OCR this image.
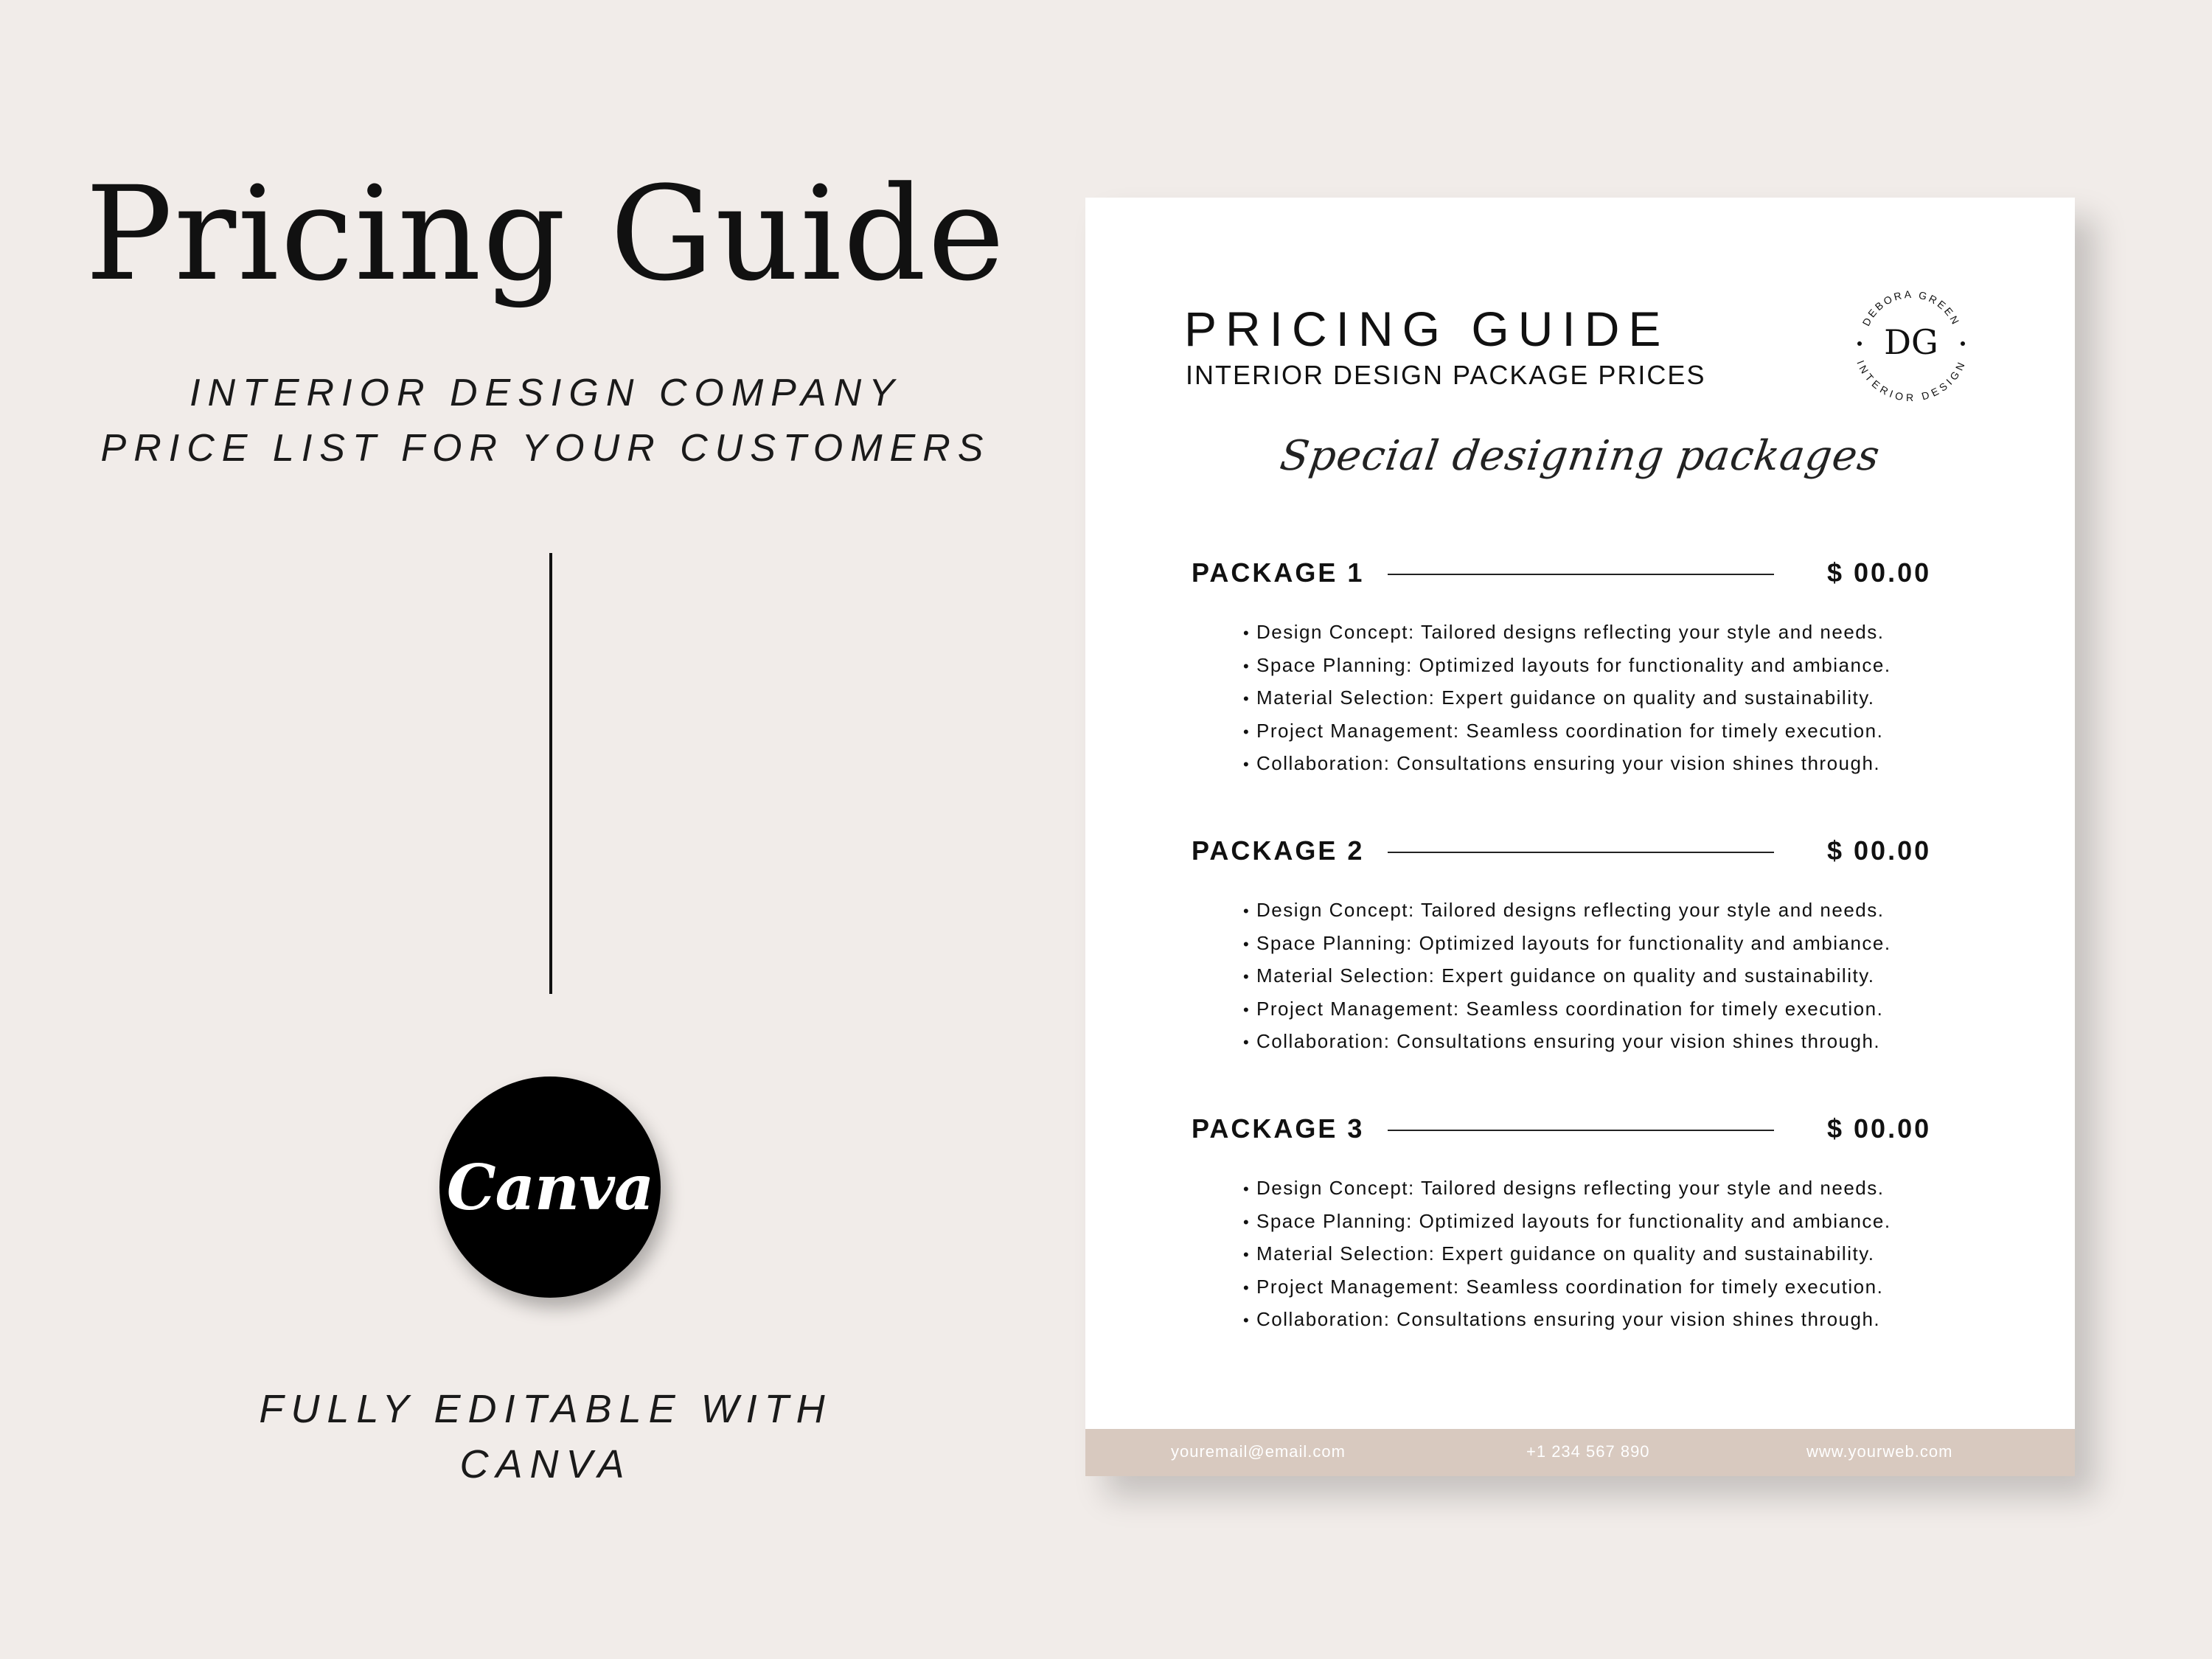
Pricing Guide
INTERIOR DESIGN COMPANY
PRICE LIST FOR YOUR CUSTOMERS
Canva
FULLY EDITABLE WITH
CANVA
PRICING GUIDE
INTERIOR DESIGN PACKAGE PRICES
DEBORA GREEN
INTERIOR DESIGN
DG
Special designing packages
PACKAGE 1	$ 00.00
• Design Concept: Tailored designs reflecting your style and needs.
• Space Planning: Optimized layouts for functionality and ambiance.
• Material Selection: Expert guidance on quality and sustainability.
• Project Management: Seamless coordination for timely execution.
• Collaboration: Consultations ensuring your vision shines through.
PACKAGE 2	$ 00.00
• Design Concept: Tailored designs reflecting your style and needs.
• Space Planning: Optimized layouts for functionality and ambiance.
• Material Selection: Expert guidance on quality and sustainability.
• Project Management: Seamless coordination for timely execution.
• Collaboration: Consultations ensuring your vision shines through.
PACKAGE 3	$ 00.00
• Design Concept: Tailored designs reflecting your style and needs.
• Space Planning: Optimized layouts for functionality and ambiance.
• Material Selection: Expert guidance on quality and sustainability.
• Project Management: Seamless coordination for timely execution.
• Collaboration: Consultations ensuring your vision shines through.
youremail@email.com	+1 234 567 890	www.yourweb.com
